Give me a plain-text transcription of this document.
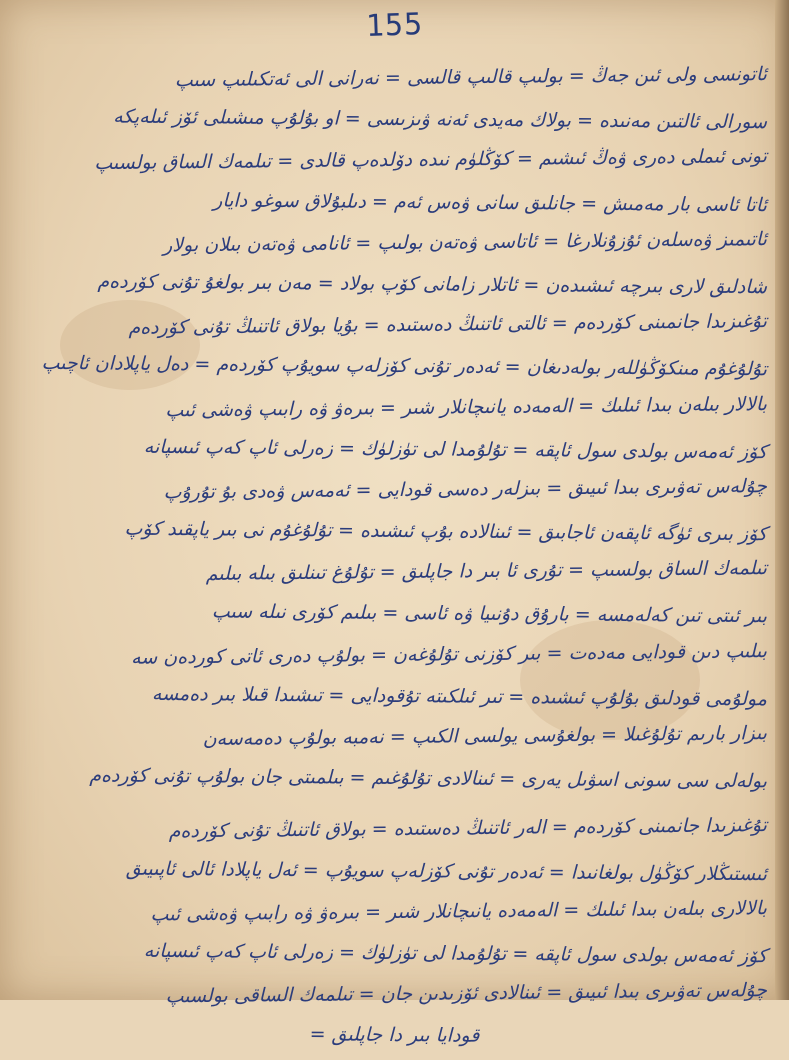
155
ئاتونسى ولى ئىن جەڭ = بولىپ قالىپ قالسى = نەرانى الى ئەتكىلىپ سىپ
سورالى ئالتىن مەنىدە = بولاك مەيدى ئەنە ۋىزىسى = او بۇلۇپ مىشىلى ئۆز ئىلەپكە
تونى ئىملى دەرى ۋەڭ ئىشىم = كۆڭلۈم نىدە دۆلدەپ قالدى = تىلمەك الساق بولسىپ
ئاتا ئاسى بار مەمىش = جانلىق سانى ۋەس ئەم = دىلبۇلاق سوغو دايار
ئاتىمىز ۋەسلەن ئۇزۇنلارغا = ئاتاسى ۋەتەن بولىپ = ئانامى ۋەتەن بىلان بولار
شادلىق لارى بىرچە ئىشىدەن = ئاتلار زامانى كۆپ بولاد = مەن بىر بولغۇ تۇنى كۆردەم
تۇغىزىدا جانمىنى كۆردەم = ئالتى ئاتنىڭ دەستىدە = بۇيا بولاق ئاتنىڭ تۇنى كۆردەم
تۇلۇغۇم مىنكۆڭۈللەر بولەدىغان = ئەدەر تۇنى كۆزلەپ سويۇپ كۆردەم = دەل ياپلادان ئاچىپ
بالالار بىلەن بىدا ئىلىك = الەمەدە يانىچانلار شىر = بىرەۋ ۋە رابىپ ۋەشى ئىپ
كۆز ئەمەس بولدى سول ئاپقە = تۇلۇمدا لى تۈزلۈك = زەرلى ئاپ كەپ ئىسپانە
چۇلەس تەۋىرى بىدا ئىيىق = بىزلەر دەسى قودايى = ئەمەس ۋەدى بۇ تۇرۇپ
كۆز بىرى ئۈگە ئاپقەن ئاجابىق = ئىنالادە بۇپ ئىشىدە = تۇلۇغۇم نى بىر ياپقىد كۆپ
تىلمەك الساق بولسىپ = تۇرى ئا بىر دا جاپلىق = تۇلۇغ تىنلىق بىلە بىلىم
بىر ئىتى تىن كەلەمسە = بارۇق دۇنىيا ۋە ئاسى = بىلىم كۆرى نىلە سىپ
بىلىپ دىن قودايى مەدەت = بىر كۆزنى تۇلۇغەن = بولۇپ دەرى ئاتى كوردەن سە
مولۇمى قودلىق بۇلۇپ ئىشىدە = تىر ئىلكىتە تۇقودايى = تىشىدا قىلا بىر دەمسە
بىزار بارىم تۇلۇغىلا = بولغۇسى يولسى الكىپ = نەمبە بولۇپ دەمەسەن
بولەلى سى سونى اسۋىل يەرى = ئىنالادى تۇلۇغىم = بىلمىتى جان بولۇپ تۇنى كۆردەم
تۇغىزىدا جانمىنى كۆردەم = الەر ئاتنىڭ دەستىدە = بولاق ئاتنىڭ تۇنى كۆردەم
ئىستىڭلار كۆڭۈل بولغانىدا = ئەدەر تۇنى كۆزلەپ سويۇپ = ئەل ياپلادا ئالى ئاپىيىق
بالالارى بىلەن بىدا ئىلىك = الەمەدە يانىچانلار شىر = بىرەۋ ۋە رابىپ ۋەشى ئىپ
كۆز ئەمەس بولدى سول ئاپقە = تۇلۇمدا لى تۈزلۈك = زەرلى ئاپ كەپ ئىسپانە
چۇلەس تەۋىرى بىدا ئىيىق = ئىنالادى ئۆزىدىن جان = تىلمەك الساقى بولسىپ
قودايا بىر دا جاپلىق =
